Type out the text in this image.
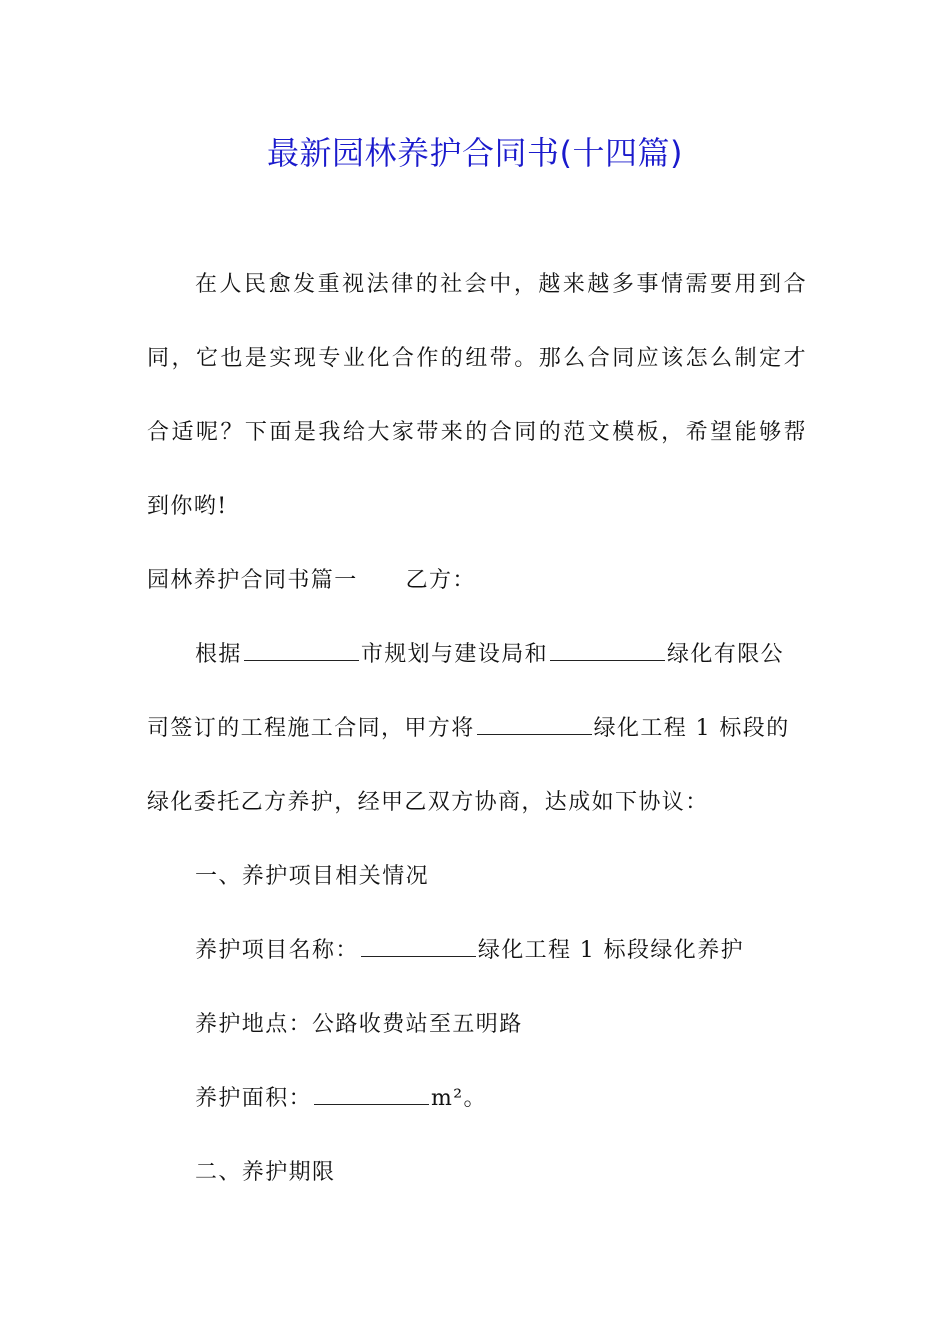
最新园林养护合同书(十四篇)
在人民愈发重视法律的社会中，越来越多事情需要用到合
同，它也是实现专业化合作的纽带。那么合同应该怎么制定才
合适呢？下面是我给大家带来的合同的范文模板，希望能够帮
到你哟!
园林养护合同书篇一 乙方：
根据	市规划与建设局和	绿化有限公
司签订的工程施工合同，甲方将	绿化工程 1 标段的
绿化委托乙方养护，经甲乙双方协商，达成如下协议：
一、养护项目相关情况
养护项目名称：	绿化工程 1 标段绿化养护
养护地点：公路收费站至五明路
养护面积：	m²。
二、养护期限
